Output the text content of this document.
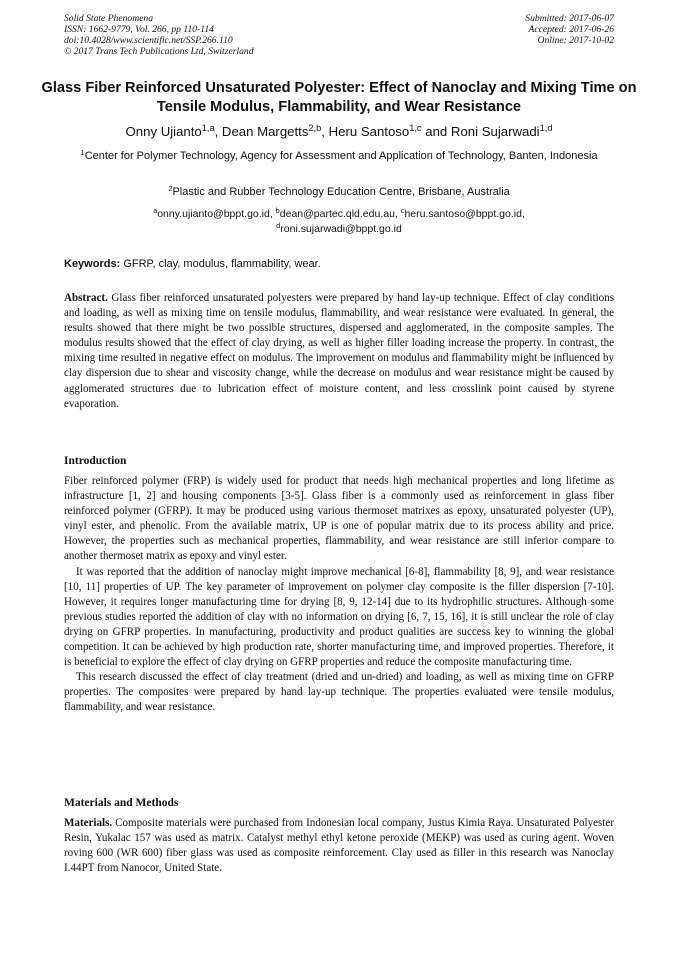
Solid State Phenomena
ISSN: 1662-9779, Vol. 266, pp 110-114
doi:10.4028/www.scientific.net/SSP.266.110
© 2017 Trans Tech Publications Ltd, Switzerland
Submitted: 2017-06-07
Accepted: 2017-06-26
Online: 2017-10-02
Glass Fiber Reinforced Unsaturated Polyester: Effect of Nanoclay and Mixing Time on Tensile Modulus, Flammability, and Wear Resistance
Onny Ujianto$^{1,a}$, Dean Margetts$^{2,b}$, Heru Santoso$^{1,c}$ and Roni Sujarwadi$^{1,d}$
$^1$Center for Polymer Technology, Agency for Assessment and Application of Technology, Banten, Indonesia
$^2$Plastic and Rubber Technology Education Centre, Brisbane, Australia
$^a$onny.ujianto@bppt.go.id, $^b$dean@partec.qld.edu.au, $^c$heru.santoso@bppt.go.id,
$^d$roni.sujarwadi@bppt.go.id
Keywords: GFRP, clay, modulus, flammability, wear.
Abstract. Glass fiber reinforced unsaturated polyesters were prepared by hand lay-up technique. Effect of clay conditions and loading, as well as mixing time on tensile modulus, flammability, and wear resistance were evaluated. In general, the results showed that there might be two possible structures, dispersed and agglomerated, in the composite samples. The modulus results showed that the effect of clay drying, as well as higher filler loading increase the property. In contrast, the mixing time resulted in negative effect on modulus. The improvement on modulus and flammability might be influenced by clay dispersion due to shear and viscosity change, while the decrease on modulus and wear resistance might be caused by agglomerated structures due to lubrication effect of moisture content, and less crosslink point caused by styrene evaporation.
Introduction

Fiber reinforced polymer (FRP) is widely used for product that needs high mechanical properties and long lifetime as infrastructure [1, 2] and housing components [3-5]. Glass fiber is a commonly used as reinforcement in glass fiber reinforced polymer (GFRP). It may be produced using various thermoset matrixes as epoxy, unsaturated polyester (UP), vinyl ester, and phenolic. From the available matrix, UP is one of popular matrix due to its process ability and price. However, the properties such as mechanical properties, flammability, and wear resistance are still inferior compare to another thermoset matrix as epoxy and vinyl ester.

It was reported that the addition of nanoclay might improve mechanical [6-8], flammability [8, 9], and wear resistance [10, 11] properties of UP. The key parameter of improvement on polymer clay composite is the filler dispersion [7-10]. However, it requires longer manufacturing time for drying [8, 9, 12-14] due to its hydrophilic structures. Although some previous studies reported the addition of clay with no information on drying [6, 7, 15, 16], it is still unclear the role of clay drying on GFRP properties. In manufacturing, productivity and product qualities are success key to winning the global competition. It can be achieved by high production rate, shorter manufacturing time, and improved properties. Therefore, it is beneficial to explore the effect of clay drying on GFRP properties and reduce the composite manufacturing time.

This research discussed the effect of clay treatment (dried and un-dried) and loading, as well as mixing time on GFRP properties. The composites were prepared by hand lay-up technique. The properties evaluated were tensile modulus, flammability, and wear resistance.

Materials and Methods
Materials. Composite materials were purchased from Indonesian local company, Justus Kimia Raya. Unsaturated Polyester Resin, Yukalac 157 was used as matrix. Catalyst methyl ethyl ketone peroxide (MEKP) was used as curing agent. Woven roving 600 (WR 600) fiber glass was used as composite reinforcement. Clay used as filler in this research was Nanoclay I.44PT from Nanocor, United State.
